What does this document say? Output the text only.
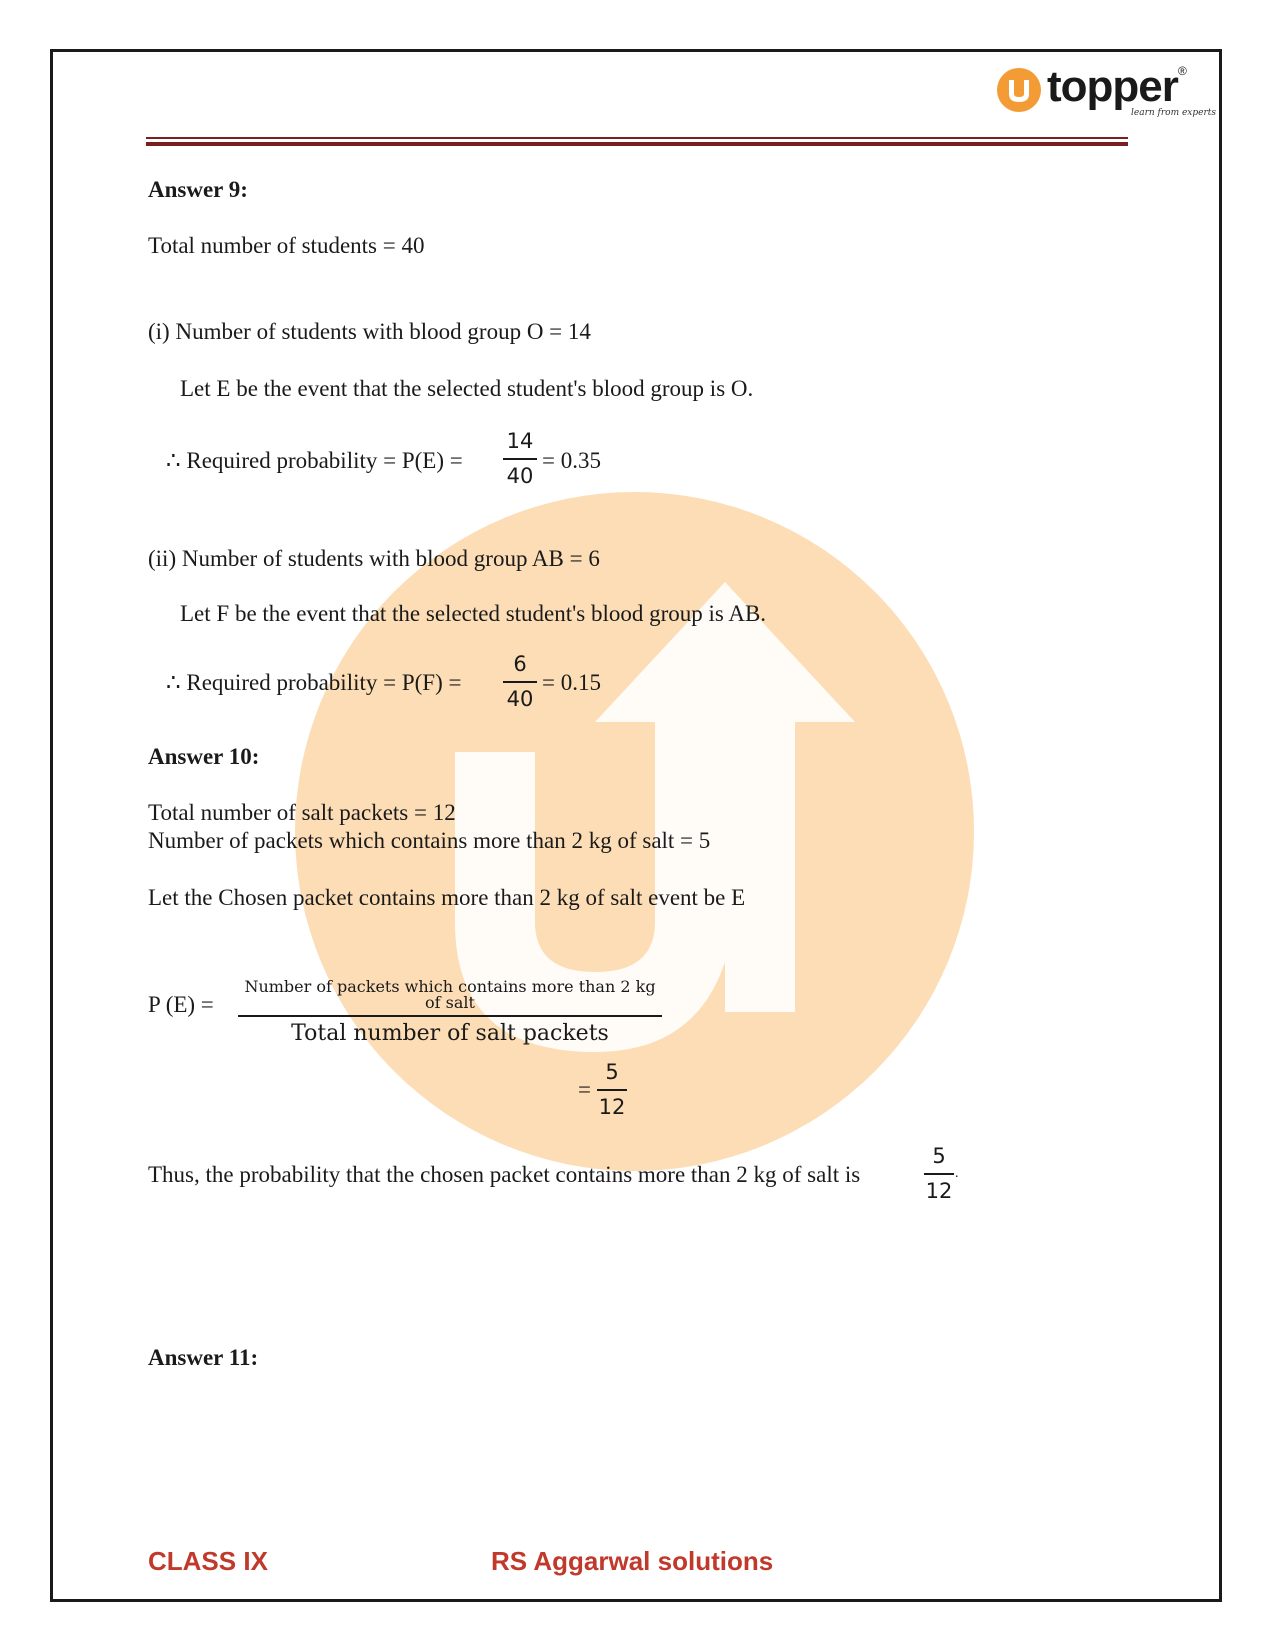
topper
learn from experts
®
Answer 9:
Total number of students = 40
(i) Number of students with blood group O = 14
Let E be the event that the selected student's blood group is O.
∴ Required probability = P(E) =
14
40
= 0.35
(ii) Number of students with blood group AB = 6
Let F be the event that the selected student's blood group is AB.
∴ Required probability = P(F) =
6
40
= 0.15
Answer 10:
Total number of salt packets = 12
Number of packets which contains more than 2 kg of salt = 5
Let the Chosen packet contains more than 2 kg of salt event be E
P (E) =
Number of packets which contains more than 2 kg of salt
Total number of salt packets
=
5
12
Thus, the probability that the chosen packet contains more than 2 kg of salt is
5
12
.
Answer 11:
CLASS IX	RS Aggarwal solutions
